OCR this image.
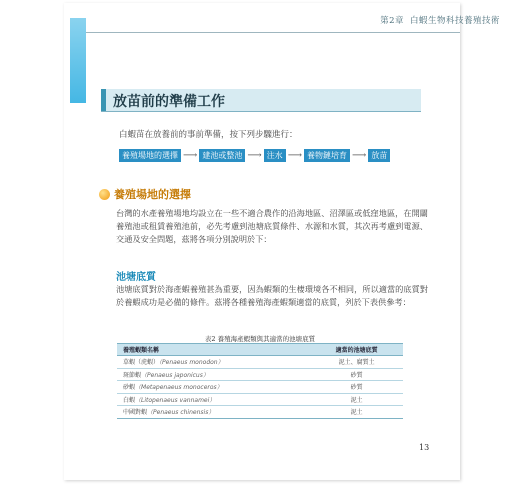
第2章 白蝦生物科技養殖技術
放苗前的準備工作
白蝦苗在放養前的事前準備，按下列步驟進行：
養殖場地的選擇 ⟶ 建池或整池 ⟶ 注水 ⟶ 養物鏈培育 ⟶ 放苗
養殖場地的選擇
台灣的水產養殖場地均設立在一些不適合農作的沿海地區、沼澤區或低窪地區，在開闢養殖池或租賃養殖池前，必先考慮到池塘底質條件、水源和水質，其次再考慮到電源、交通及安全問題，茲將各項分別說明於下：
池塘底質
池塘底質對於海產蝦養殖甚為重要，因為蝦類的生棲環境各不相同，所以適當的底質對於養蝦成功是必備的條件。茲將各種養殖海產蝦類適當的底質，列於下表供參考：
表2 養殖海產蝦類與其適當的池塘底質
養殖蝦類名稱	適當的池塘底質
草蝦（虎蝦）（Penaeus monodon）	泥土、腐質土
斑節蝦（Penaeus japonicus）	砂質
砂蝦（Metapenaeus monoceros）	砂質
白蝦（Litopenaeus vannamei）	泥土
中國對蝦（Penaeus chinensis）	泥土
13
